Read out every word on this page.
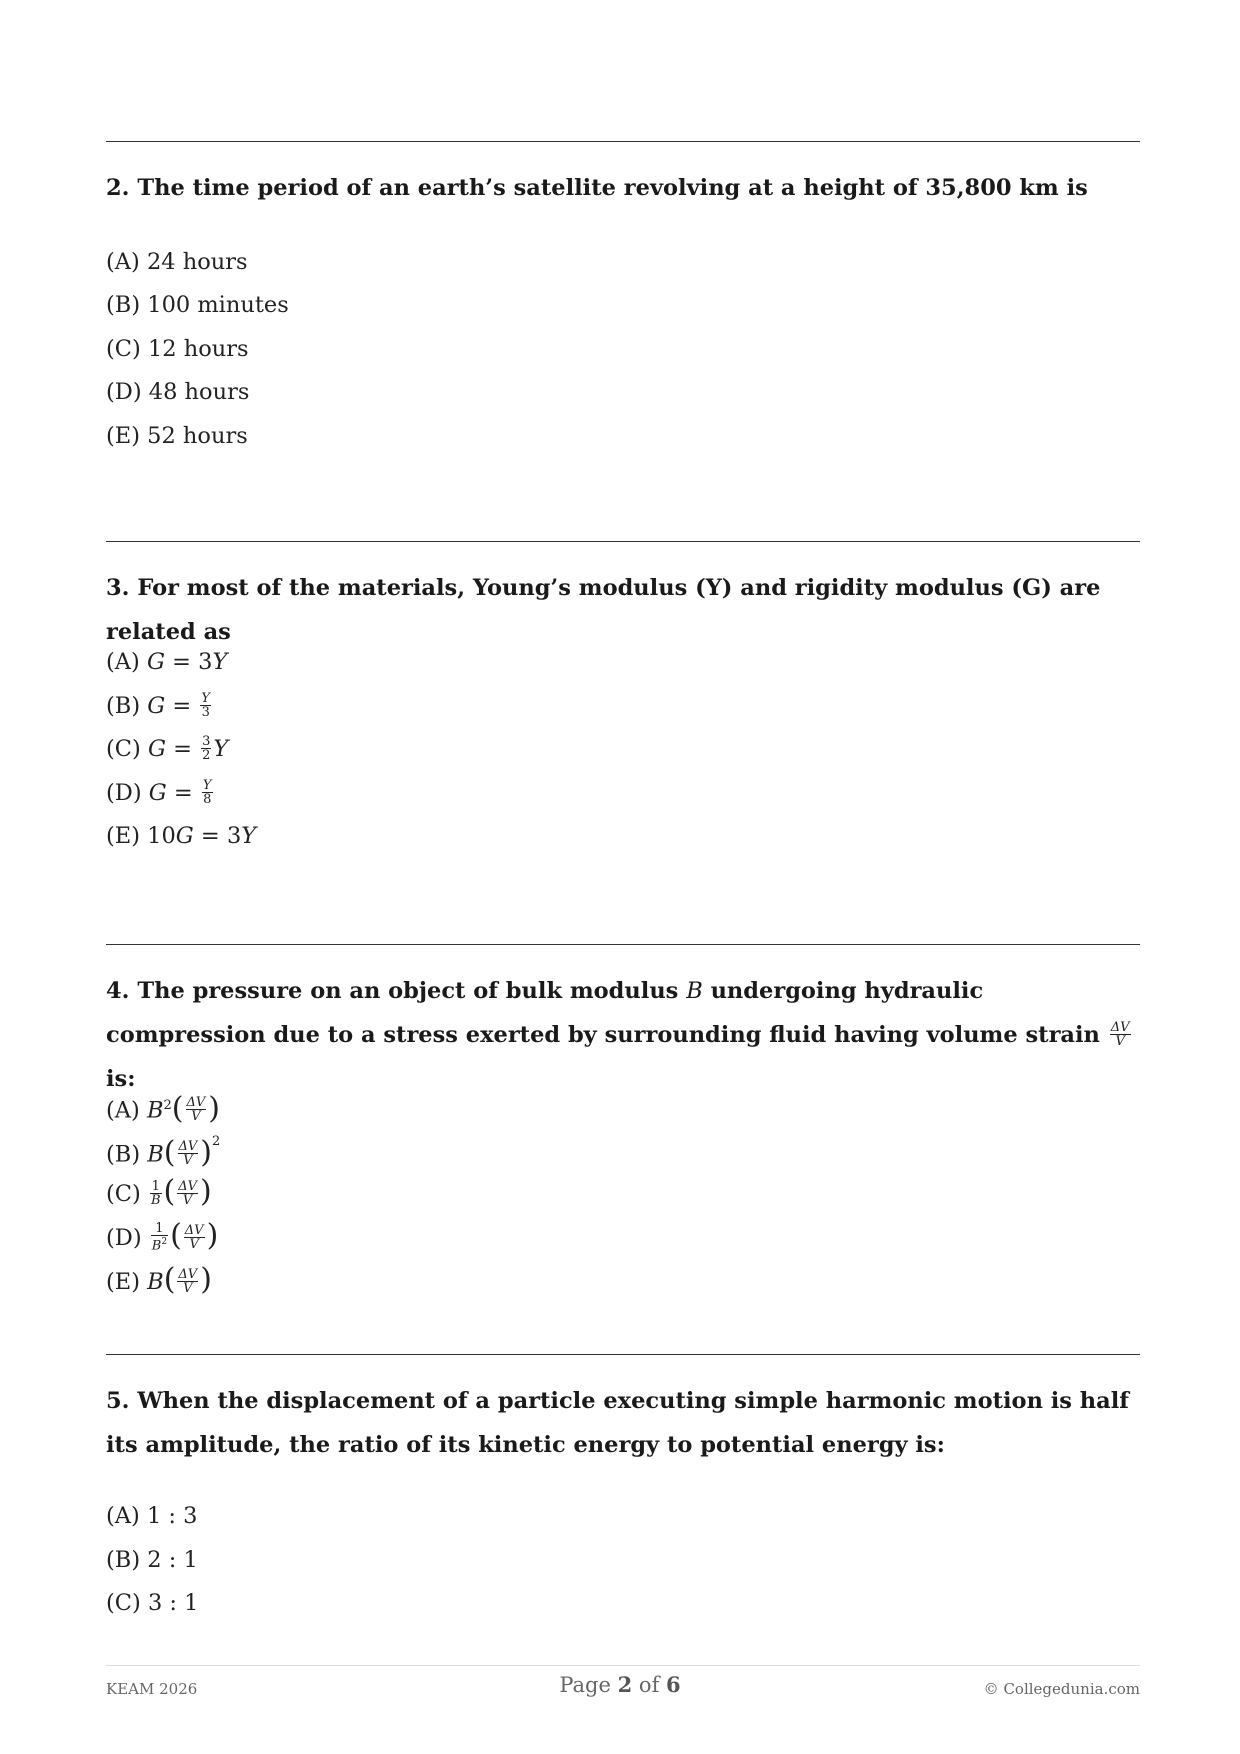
2. The time period of an earth’s satellite revolving at a height of 35,800 km is
(A) 24 hours
(B) 100 minutes
(C) 12 hours
(D) 48 hours
(E) 52 hours
3. For most of the materials, Young’s modulus (Y) and rigidity modulus (G) are related as
(A) G = 3Y
(B) $G = \frac{Y}{3}$
(C) $G = \frac{3}{2}$ Y
(D) $G = \frac{Y}{8}$
(E) 10G = 3Y
4. The pressure on an object of bulk modulus B undergoing hydraulic compression due to a stress exerted by surrounding fluid having volume strain $\frac{\Delta V}{V}$
is:
(A) $B^2( \frac{\Delta V}{V}$ )
(B) $B( \frac{\Delta V}{V} )^2$
$(C) \frac{1}{B}$ ( $\frac{\Delta V}{V}$ )
$(D) \frac{1}{B^2}$ ( $\frac{\Delta V}{V}$ )
(E) $B( \frac{\Delta V}{V}$ )
5. When the displacement of a particle executing simple harmonic motion is half its amplitude, the ratio of its kinetic energy to potential energy is:
(A) 1 : 3
(B) 2 : 1
(C) 3 : 1
KEAM 2026	Page 2 of 6	© Collegedunia.com
